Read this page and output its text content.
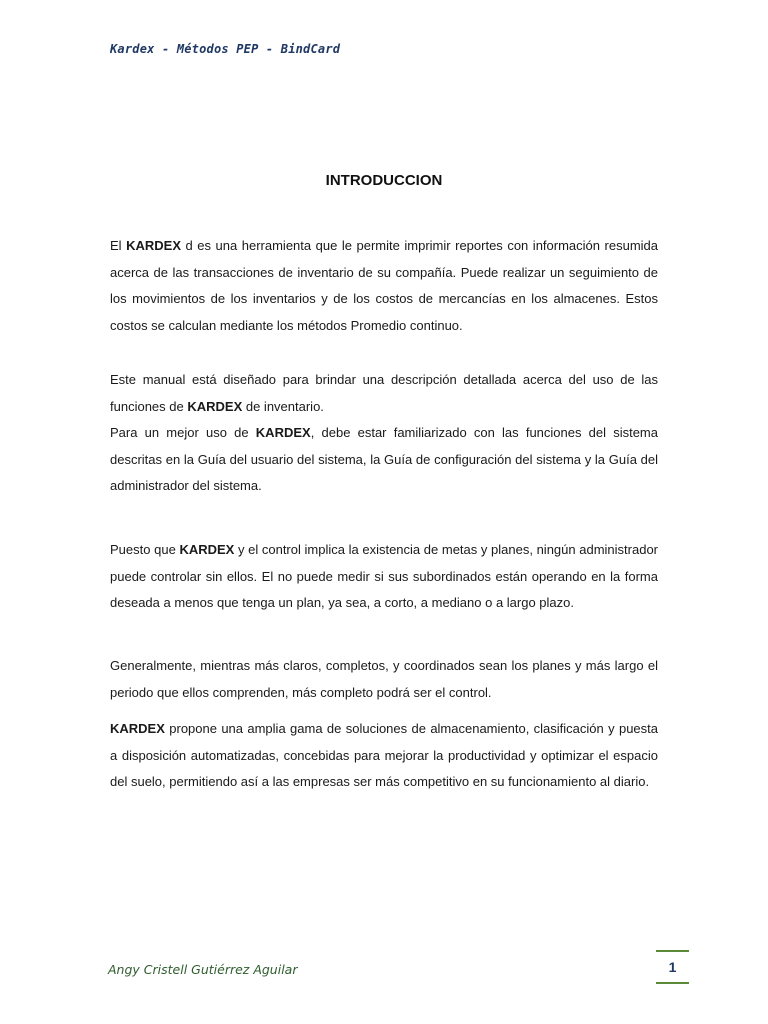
Kardex - Métodos PEP - BindCard
INTRODUCCION

El KARDEX d es una herramienta que le permite imprimir reportes con información resumida acerca de las transacciones de inventario de su compañía. Puede realizar un seguimiento de los movimientos de los inventarios y de los costos de mercancías en los almacenes. Estos costos se calculan mediante los métodos Promedio continuo.

Este manual está diseñado para brindar una descripción detallada acerca del uso de las funciones de KARDEX de inventario.

Para un mejor uso de KARDEX, debe estar familiarizado con las funciones del sistema descritas en la Guía del usuario del sistema, la Guía de configuración del sistema y la Guía del administrador del sistema.

Puesto que KARDEX y el control implica la existencia de metas y planes, ningún administrador puede controlar sin ellos. El no puede medir si sus subordinados están operando en la forma deseada a menos que tenga un plan, ya sea, a corto, a mediano o a largo plazo.

Generalmente, mientras más claros, completos, y coordinados sean los planes y más largo el periodo que ellos comprenden, más completo podrá ser el control.

KARDEX propone una amplia gama de soluciones de almacenamiento, clasificación y puesta a disposición automatizadas, concebidas para mejorar la productividad y optimizar el espacio del suelo, permitiendo así a las empresas ser más competitivo en su funcionamiento al diario.

Angy Cristell Gutiérrez Aguilar	1
